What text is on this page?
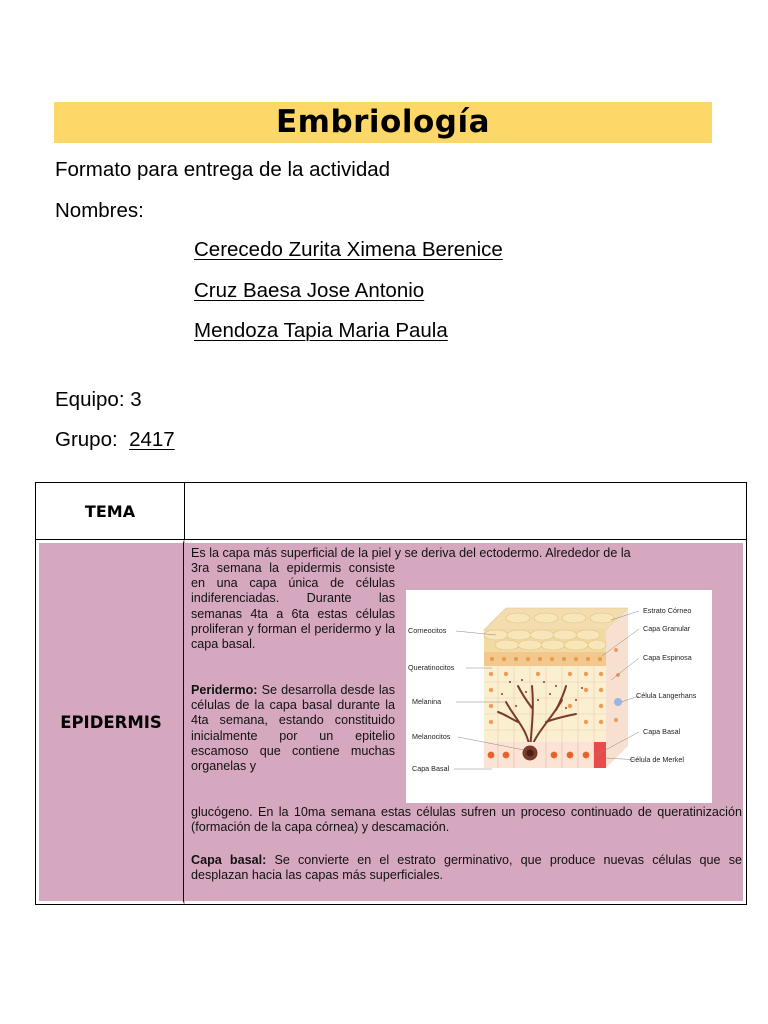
Embriología
Formato para entrega de la actividad
Nombres:
Cerecedo Zurita Ximena Berenice
Cruz Baesa Jose Antonio
Mendoza Tapia Maria Paula
Equipo: 3
Grupo: 2417
TEMA
EPIDERMIS
Es la capa más superficial de la piel y se deriva del ectodermo. Alrededor de la
3ra semana la epidermis consiste en una capa única de células indiferenciadas. Durante las semanas 4ta a 6ta estas células proliferan y forman el peridermo y la capa basal.
Peridermo: Se desarrolla desde las células de la capa basal durante la 4ta semana, estando constituido inicialmente por un epitelio escamoso que contiene muchas organelas y
glucógeno. En la 10ma semana estas células sufren un proceso continuado de queratinización (formación de la capa córnea) y descamación.
Capa basal: Se convierte en el estrato germinativo, que produce nuevas células que se desplazan hacia las capas más superficiales.
Corneocitos
Queratinocitos
Melanina
Melanocitos
Capa Basal
Estrato Córneo
Capa Granular
Capa Espinosa
Célula Langerhans
Capa Basal
Célula de Merkel
